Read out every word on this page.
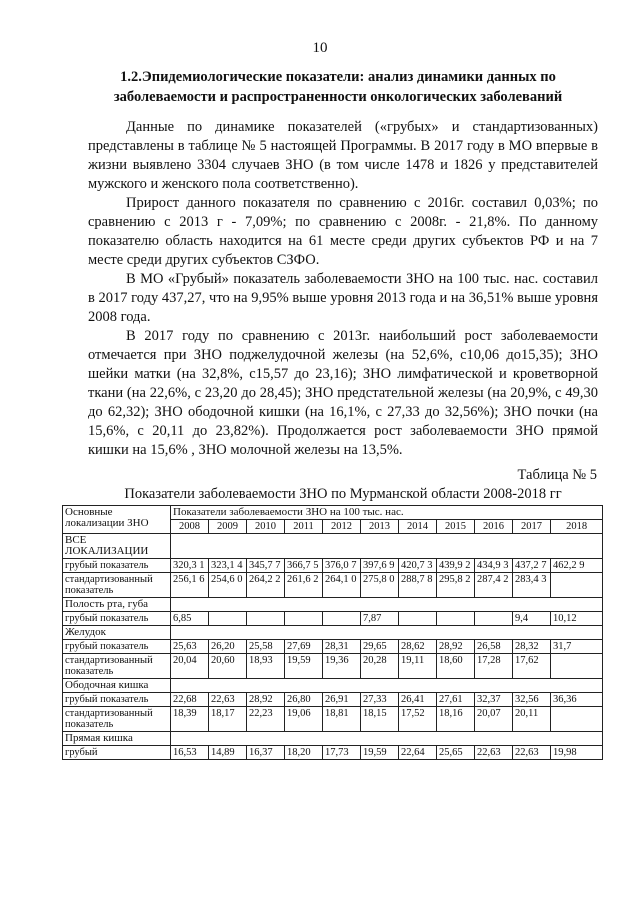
10
1.2.Эпидемиологические показатели: анализ динамики данных по заболеваемости и распространенности онкологических заболеваний

Данные по динамике показателей («грубых» и стандартизованных) представлены в таблице № 5 настоящей Программы. В 2017 году в МО впервые в жизни выявлено 3304 случаев ЗНО (в том числе 1478 и 1826 у представителей мужского и женского пола соответственно).

Прирост данного показателя по сравнению с 2016г. составил 0,03%; по сравнению с 2013 г - 7,09%; по сравнению с 2008г. - 21,8%. По данному показателю область находится на 61 месте среди других субъектов РФ и на 7 месте среди других субъектов СЗФО.

В МО «Грубый» показатель заболеваемости ЗНО на 100 тыс. нас. составил в 2017 году 437,27, что на 9,95% выше уровня 2013 года и на 36,51% выше уровня 2008 года.

В 2017 году по сравнению с 2013г. наибольший рост заболеваемости отмечается при ЗНО поджелудочной железы (на 52,6%, с10,06 до15,35); ЗНО шейки матки (на 32,8%, с15,57 до 23,16); ЗНО лимфатической и кроветворной ткани (на 22,6%, с 23,20 до 28,45); ЗНО предстательной железы (на 20,9%, с 49,30 до 62,32); ЗНО ободочной кишки (на 16,1%, с 27,33 до 32,56%); ЗНО почки (на 15,6%, с 20,11 до 23,82%). Продолжается рост заболеваемости ЗНО прямой кишки на 15,6% , ЗНО молочной железы на 13,5%.

Таблица № 5
Показатели заболеваемости ЗНО по Мурманской области 2008-2018 гг
Основные локализации ЗНО	Показатели заболеваемости ЗНО на 100 тыс. нас.										
	2008	2009	2010	2011	2012	2013	2014	2015	2016	2017	2018
ВСЕ ЛОКАЛИЗАЦИИ											
грубый показатель	320,3 1	323,1 4	345,7 7	366,7 5	376,0 7	397,6 9	420,7 3	439,9 2	434,9 3	437,2 7	462,2 9
стандартизованный показатель	256,1 6	254,6 0	264,2 2	261,6 2	264,1 0	275,8 0	288,7 8	295,8 2	287,4 2	283,4 3	
Полость рта, губа											
грубый показатель	6,85					7,87				9,4	10,12
Желудок											
грубый показатель	25,63	26,20	25,58	27,69	28,31	29,65	28,62	28,92	26,58	28,32	31,7
стандартизованный показатель	20,04	20,60	18,93	19,59	19,36	20,28	19,11	18,60	17,28	17,62	
Ободочная кишка											
грубый показатель	22,68	22,63	28,92	26,80	26,91	27,33	26,41	27,61	32,37	32,56	36,36
стандартизованный показатель	18,39	18,17	22,23	19,06	18,81	18,15	17,52	18,16	20,07	20,11	
Прямая кишка											
грубый	16,53	14,89	16,37	18,20	17,73	19,59	22,64	25,65	22,63	22,63	19,98
